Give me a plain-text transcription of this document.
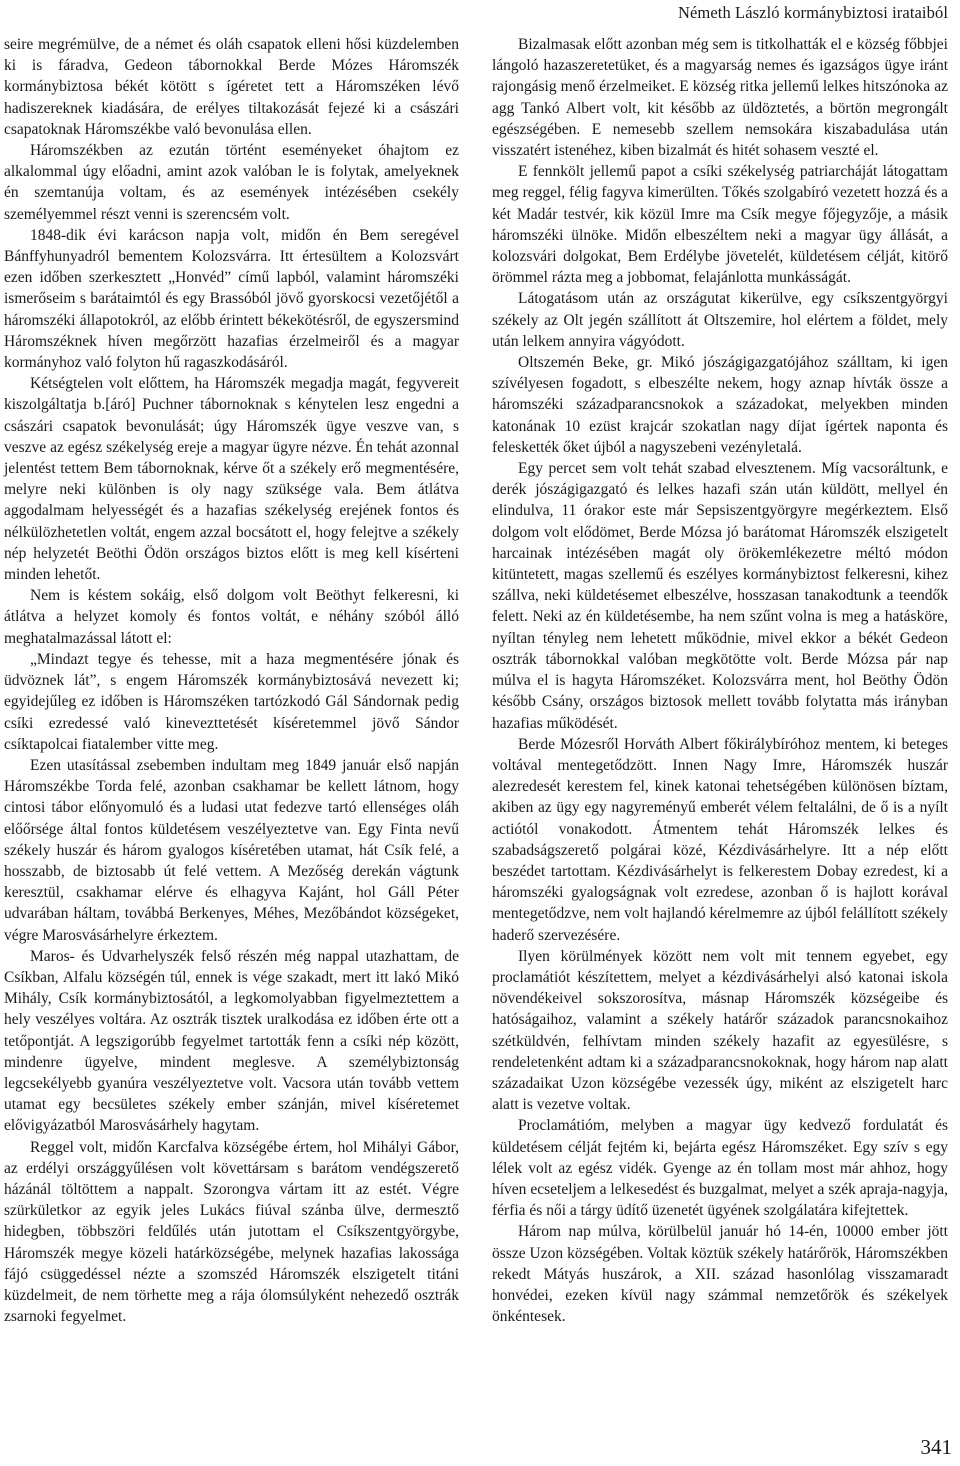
Németh László kormánybiztosi irataiból

seire megrémülve, de a német és oláh csapatok elleni hősi küzdelemben ki is fáradva, Gedeon tábornokkal Berde Mózes Háromszék kormánybiztosa békét kötött s ígéretet tett a Háromszéken lévő hadiszereknek kiadására, de erélyes tiltakozását fejezé ki a császári csapatoknak Háromszékbe való bevonulása ellen.

Háromszékben az ezután történt eseményeket óhajtom ez alkalommal úgy előadni, amint azok valóban le is folytak, amelyeknek én szemtanúja voltam, és az események intézésében csekély személyemmel részt venni is szerencsém volt.

1848-dik évi karácson napja volt, midőn én Bem seregével Bánffyhunyadról bementem Kolozsvárra. Itt értesültem a Kolozsvárt ezen időben szerkesztett „Honvéd” című lapból, valamint háromszéki ismerőseim s barátaimtól és egy Brassóból jövő gyorskocsi vezetőjétől a háromszéki állapotokról, az előbb érintett békekötésről, de egyszersmind Háromszéknek híven megőrzött hazafias érzelmeiről és a magyar kormányhoz való folyton hű ragaszkodásáról.

Kétségtelen volt előttem, ha Háromszék megadja magát, fegyvereit kiszolgáltatja b.[áró] Puchner tábornoknak s kénytelen lesz engedni a császári csapatok bevonulását; úgy Háromszék ügye veszve van, s veszve az egész székelység ereje a magyar ügyre nézve. Én tehát azonnal jelentést tettem Bem tábornoknak, kérve őt a székely erő megmentésére, melyre neki különben is oly nagy szüksége vala. Bem átlátva aggodalmam helyességét és a hazafias székelység erejének fontos és nélkülözhetetlen voltát, engem azzal bocsátott el, hogy felejtve a székely nép helyzetét Beöthi Ödön országos biztos előtt is meg kell kísérteni minden lehetőt.

Nem is késtem sokáig, első dolgom volt Beöthyt felkeresni, ki átlátva a helyzet komoly és fontos voltát, e néhány szóból álló meghatalmazással látott el:

„Mindazt tegye és tehesse, mit a haza megmentésére jónak és üdvöznek lát”, s engem Háromszék kormánybiztosává nevezett ki; egyidejűleg ez időben is Háromszéken tartózkodó Gál Sándornak pedig csíki ezredessé való kinevezttetését kíséretemmel jövő Sándor csíktapolcai fiatalember vitte meg.

Ezen utasítással zsebemben indultam meg 1849 január első napján Háromszékbe Torda felé, azonban csakhamar be kellett látnom, hogy cintosi tábor előnyomuló és a ludasi utat fedezve tartó ellenséges oláh előőrsége által fontos küldetésem veszélyeztetve van. Egy Finta nevű székely huszár és három gyalogos kíséretében utamat, hát Csík felé, a hosszabb, de biztosabb út felé vettem. A Mezőség derekán vágtunk keresztül, csakhamar elérve és elhagyva Kajánt, hol Gáll Péter udvarában háltam, továbbá Berkenyes, Méhes, Mezőbándot községeket, végre Marosvásárhelyre érkeztem.

Maros- és Udvarhelyszék felső részén még nappal utazhattam, de Csíkban, Alfalu községén túl, ennek is vége szakadt, mert itt lakó Mikó Mihály, Csík kormánybiztosától, a legkomolyabban figyelmeztettem a hely veszélyes voltára. Az osztrák tisztek uralkodása ez időben érte ott a tetőpontját. A legszigorúbb fegyelmet tartották fenn a csíki nép között, mindenre ügyelve, mindent meglesve. A személybiztonság legcsekélyebb gyanúra veszélyeztetve volt. Vacsora után tovább vettem utamat egy becsületes székely ember szánján, mivel kíséretemet elővigyázatból Marosvásárhely hagytam.

Reggel volt, midőn Karcfalva községébe értem, hol Mihályi Gábor, az erdélyi országgyűlésen volt követtársam s barátom vendégszerető házánál töltöttem a nappalt. Szorongva vártam itt az estét. Végre szürkületkor az egyik jeles Lukács fiúval szánba ülve, dermesztő hidegben, többszöri feldűlés után jutottam el Csíkszentgyörgybe, Háromszék megye közeli határközségébe, melynek hazafias lakossága fájó csüggedéssel nézte a szomszéd Háromszék elszigetelt titáni küzdelmeit, de nem törhette meg a rája ólomsúlyként nehezedő osztrák zsarnoki fegyelmet.

Bizalmasak előtt azonban még sem is titkolhatták el e község főbbjei lángoló hazaszeretetüket, és a magyarság nemes és igazságos ügye iránt rajongásig menő érzelmeiket. E község ritka jellemű lelkes hitszónoka az agg Tankó Albert volt, kit később az üldöztetés, a börtön megrongált egészségében. E nemesebb szellem nemsokára kiszabadulása után visszatért istenéhez, kiben bizalmát és hitét sohasem veszté el.

E fennkölt jellemű papot a csíki székelység patriarcháját látogattam meg reggel, félig fagyva kimerülten. Tőkés szolgabíró vezetett hozzá és a két Madár testvér, kik közül Imre ma Csík megye főjegyzője, a másik háromszéki ülnöke. Midőn elbeszéltem neki a magyar ügy állását, a kolozsvári dolgokat, Bem Erdélybe jövetelét, küldetésem célját, kitörő örömmel rázta meg a jobbomat, felajánlotta munkásságát.

Látogatásom után az országutat kikerülve, egy csíkszentgyörgyi székely az Olt jegén szállított át Oltszemire, hol elértem a földet, mely után lelkem annyira vágyódott.

Oltszemén Beke, gr. Mikó jószágigazgatójához szálltam, ki igen szívélyesen fogadott, s elbeszélte nekem, hogy aznap hívták össze a háromszéki századparancsnokok a századokat, melyekben minden katonának 10 ezüst krajcár szokatlan nagy díjat ígértek naponta és feleskették őket újból a nagyszebeni vezényletalá.

Egy percet sem volt tehát szabad elvesztenem. Míg vacsoráltunk, e derék jószágigazgató és lelkes hazafi szán után küldött, mellyel én elindulva, 11 órakor este már Sepsiszentgyörgyre megérkeztem. Első dolgom volt elődömet, Berde Mózsa jó barátomat Háromszék elszigetelt harcainak intézésében magát oly örökemlékezetre méltó módon kitüntetett, magas szellemű és eszélyes kormánybiztost felkeresni, kihez szállva, neki küldetésemet elbeszélve, hosszasan tanakodtunk a teendők felett. Neki az én küldetésembe, ha nem szűnt volna is meg a hatásköre, nyíltan tényleg nem lehetett működnie, mivel ekkor a békét Gedeon osztrák tábornokkal valóban megkötötte volt. Berde Mózsa pár nap múlva el is hagyta Háromszéket. Kolozsvárra ment, hol Beöthy Ödön később Csány, országos biztosok mellett tovább folytatta más irányban hazafias működését.

Berde Mózesről Horváth Albert főkirálybíróhoz mentem, ki beteges voltával mentegetődzött. Innen Nagy Imre, Háromszék huszár alezredesét kerestem fel, kinek katonai tehetségében különösen bíztam, akiben az ügy egy nagyreményű emberét vélem feltalálni, de ő is a nyílt actiótól vonakodott. Átmentem tehát Háromszék lelkes és szabadságszerető polgárai közé, Kézdivásárhelyre. Itt a nép előtt beszédet tartottam. Kézdivásárhelyt is felkerestem Dobay ezredest, ki a háromszéki gyalogságnak volt ezredese, azonban ő is hajlott korával mentegetődzve, nem volt hajlandó kérelmemre az újból felállított székely haderő szervezésére.

Ilyen körülmények között nem volt mit tennem egyebet, egy proclamátiót készítettem, melyet a kézdivásárhelyi alsó katonai iskola növendékeivel sokszorosítva, másnap Háromszék községeibe és hatóságaihoz, valamint a székely határőr századok parancsnokaihoz szétküldvén, felhívtam minden székely hazafit az egyesülésre, s rendeletenként adtam ki a századparancsnokoknak, hogy három nap alatt századaikat Uzon községébe vezessék úgy, miként az elszigetelt harc alatt is vezetve voltak.

Proclamátióm, melyben a magyar ügy kedvező fordulatát és küldetésem célját fejtém ki, bejárta egész Háromszéket. Egy szív s egy lélek volt az egész vidék. Gyenge az én tollam most már ahhoz, hogy híven ecseteljem a lelkesedést és buzgalmat, melyet a szék apraja-nagyja, férfia és női a tárgy üdítő üzenetét ügyének szolgálatára kifejtettek.

Három nap múlva, körülbelül január hó 14-én, 10000 ember jött össze Uzon községében. Voltak köztük székely határőrök, Háromszékben rekedt Mátyás huszárok, a XII. század hasonlólag visszamaradt honvédei, ezeken kívül nagy számmal nemzetőrök és székelyek önkéntesek.

341
